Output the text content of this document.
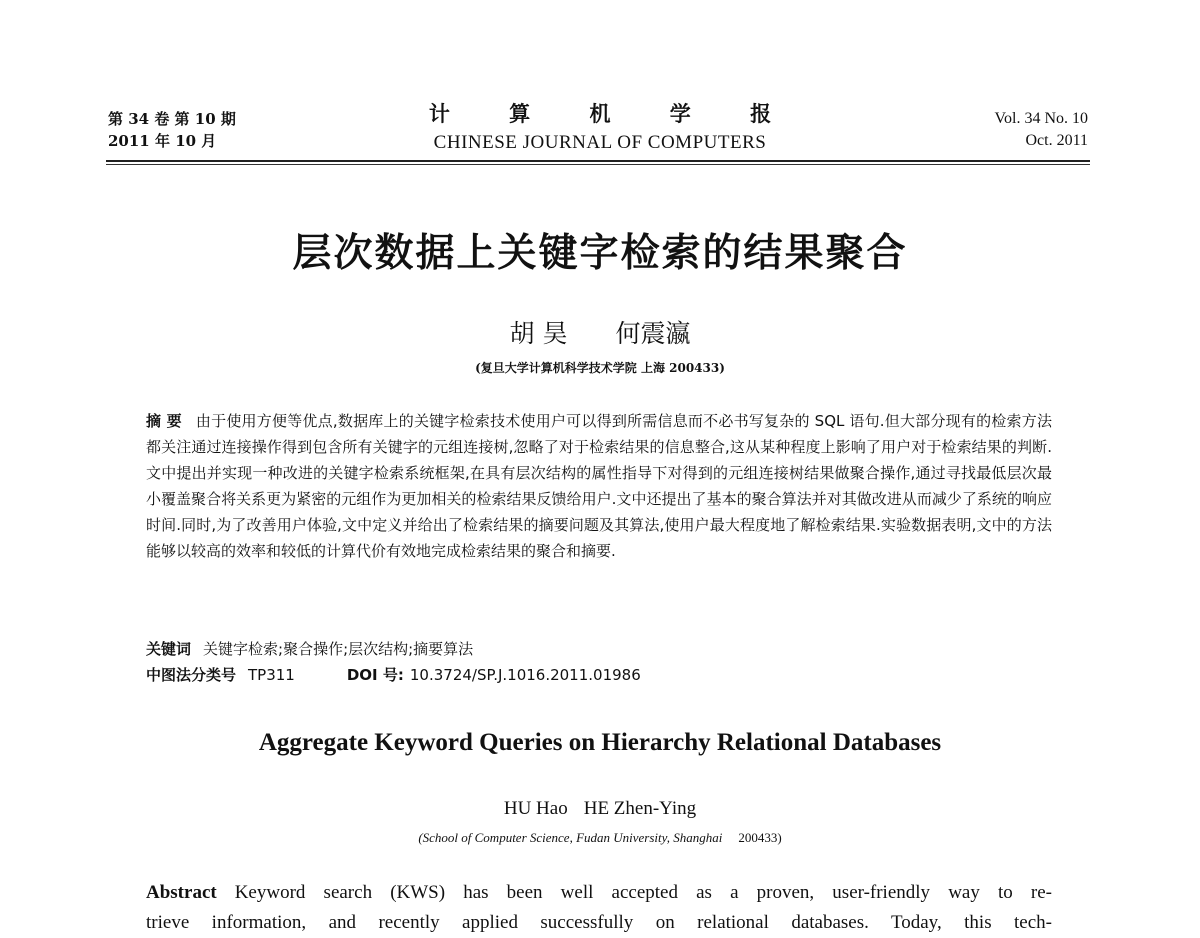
第 34 卷 第 10 期
2011 年 10 月
计 算 机 学 报
CHINESE JOURNAL OF COMPUTERS
Vol. 34 No. 10
Oct. 2011
层次数据上关键字检索的结果聚合
胡 昊 何震瀛
(复旦大学计算机科学技术学院 上海 200433)
摘 要 由于使用方便等优点,数据库上的关键字检索技术使用户可以得到所需信息而不必书写复杂的 SQL 语句.但大部分现有的检索方法都关注通过连接操作得到包含所有关键字的元组连接树,忽略了对于检索结果的信息整合,这从某种程度上影响了用户对于检索结果的判断.文中提出并实现一种改进的关键字检索系统框架,在具有层次结构的属性指导下对得到的元组连接树结果做聚合操作,通过寻找最低层次最小覆盖聚合将关系更为紧密的元组作为更加相关的检索结果反馈给用户.文中还提出了基本的聚合算法并对其做改进从而减少了系统的响应时间.同时,为了改善用户体验,文中定义并给出了检索结果的摘要问题及其算法,使用户最大程度地了解检索结果.实验数据表明,文中的方法能够以较高的效率和较低的计算代价有效地完成检索结果的聚合和摘要.
关键词 关键字检索;聚合操作;层次结构;摘要算法
中图法分类号 TP311	DOI 号: 10.3724/SP.J.1016.2011.01986
Aggregate Keyword Queries on Hierarchy Relational Databases
HU Hao HE Zhen-Ying
(School of Computer Science, Fudan University, Shanghai 200433)
Abstract Keyword search (KWS) has been well accepted as a proven, user-friendly way to re-
trieve information, and recently applied successfully on relational databases. Today, this tech-
